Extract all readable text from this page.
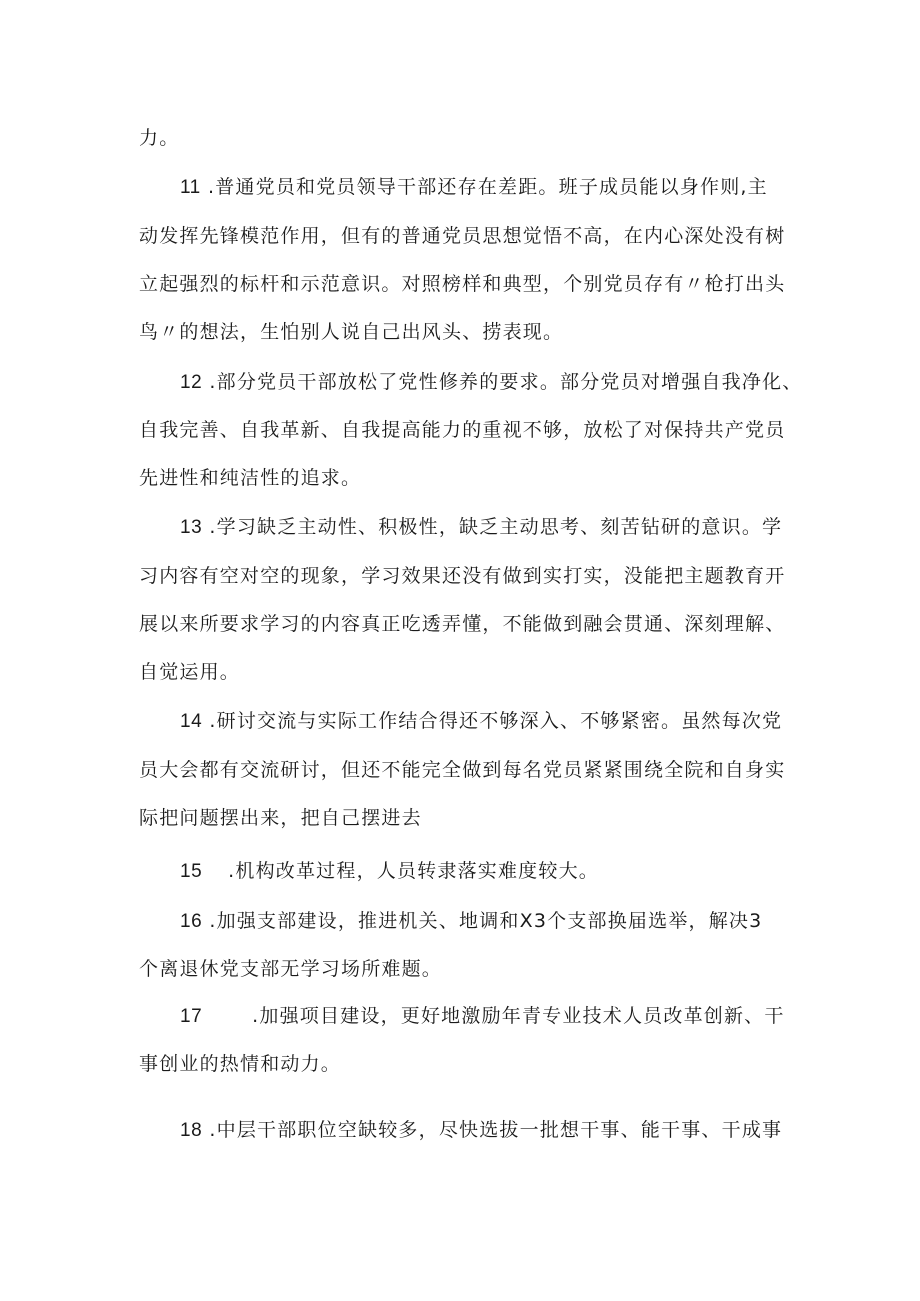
力。
11 .普通党员和党员领导干部还存在差距。班子成员能以身作则,主
动发挥先锋模范作用，但有的普通党员思想觉悟不高，在内心深处没有树
立起强烈的标杆和示范意识。对照榜样和典型，个别党员存有〃枪打出头
鸟〃的想法，生怕别人说自己出风头、捞表现。
12 .部分党员干部放松了党性修养的要求。部分党员对增强自我净化、
自我完善、自我革新、自我提高能力的重视不够，放松了对保持共产党员
先进性和纯洁性的追求。
13 .学习缺乏主动性、积极性，缺乏主动思考、刻苦钻研的意识。学
习内容有空对空的现象，学习效果还没有做到实打实，没能把主题教育开
展以来所要求学习的内容真正吃透弄懂，不能做到融会贯通、深刻理解、
自觉运用。
14 .研讨交流与实际工作结合得还不够深入、不够紧密。虽然每次党
员大会都有交流研讨，但还不能完全做到每名党员紧紧围绕全院和自身实
际把问题摆出来，把自己摆进去
15 .机构改革过程，人员转隶落实难度较大。
16 .加强支部建设，推进机关、地调和X3个支部换届选举，解决3
个离退休党支部无学习场所难题。
17	.加强项目建设，更好地激励年青专业技术人员改革创新、干
事创业的热情和动力。
18 .中层干部职位空缺较多，尽快选拔一批想干事、能干事、干成事
